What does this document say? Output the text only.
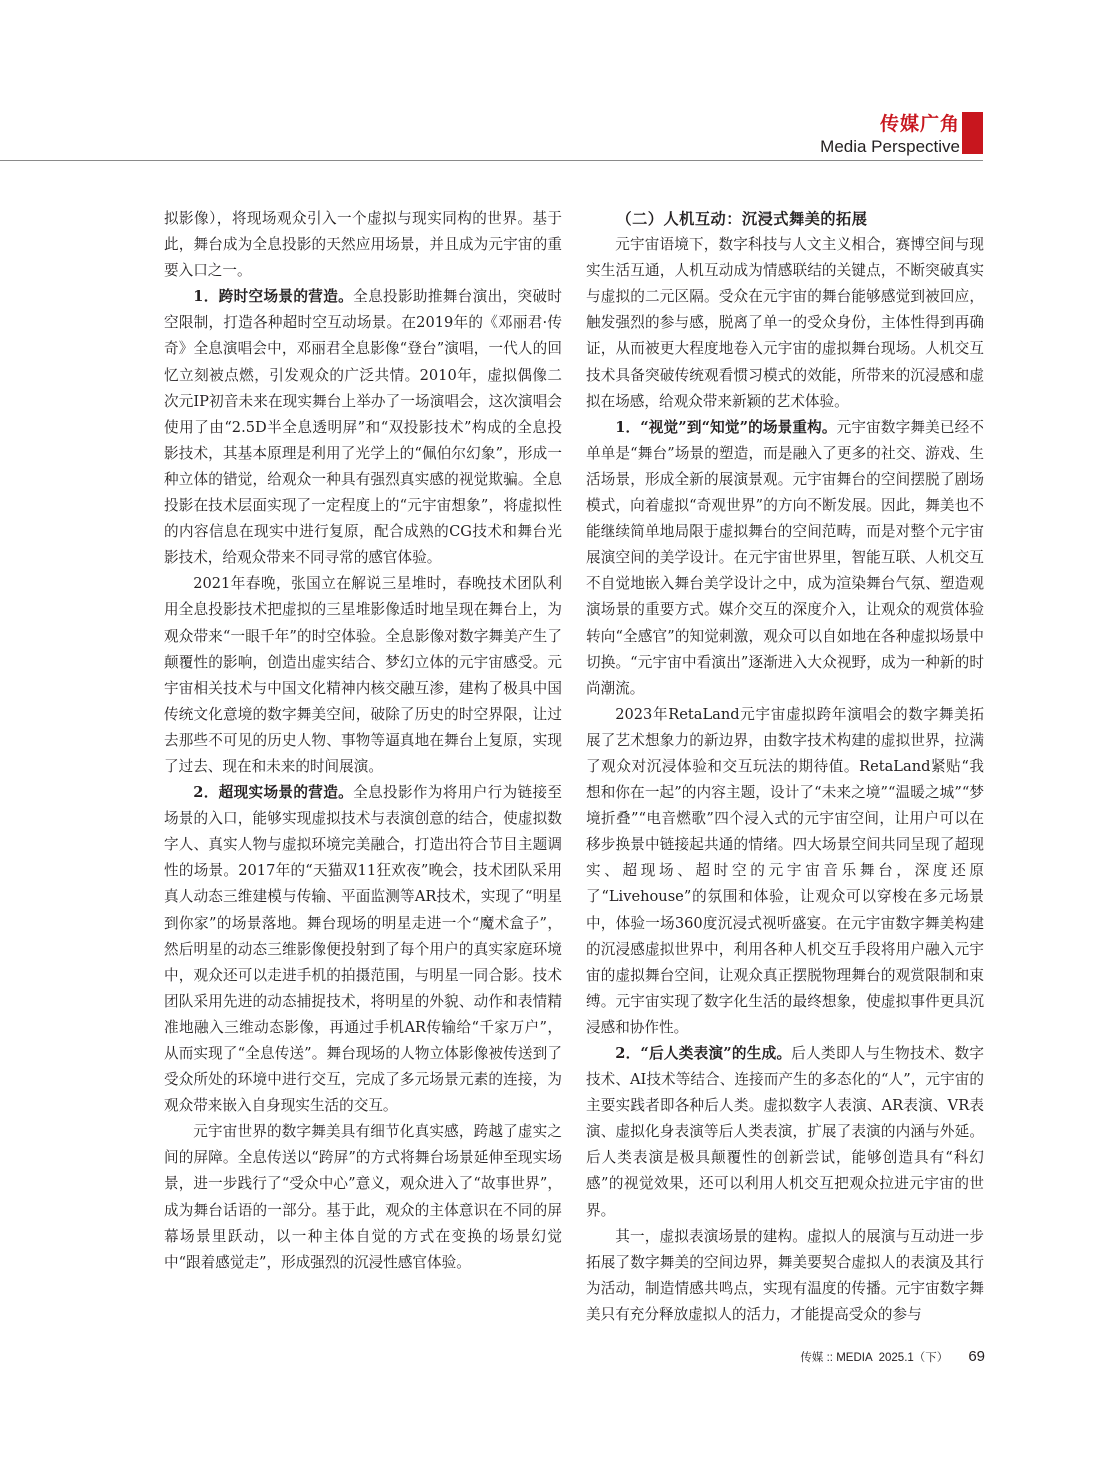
传媒广角
Media Perspective

拟影像），将现场观众引入一个虚拟与现实同构的世界。基于此，舞台成为全息投影的天然应用场景，并且成为元宇宙的重要入口之一。

1．跨时空场景的营造。全息投影助推舞台演出，突破时空限制，打造各种超时空互动场景。在2019年的《邓丽君·传奇》全息演唱会中，邓丽君全息影像“登台”演唱，一代人的回忆立刻被点燃，引发观众的广泛共情。2010年，虚拟偶像二次元IP初音未来在现实舞台上举办了一场演唱会，这次演唱会使用了由“2.5D半全息透明屏”和“双投影技术”构成的全息投影技术，其基本原理是利用了光学上的“佩伯尔幻象”，形成一种立体的错觉，给观众一种具有强烈真实感的视觉欺骗。全息投影在技术层面实现了一定程度上的“元宇宙想象”，将虚拟性的内容信息在现实中进行复原，配合成熟的CG技术和舞台光影技术，给观众带来不同寻常的感官体验。

2021年春晚，张国立在解说三星堆时，春晚技术团队利用全息投影技术把虚拟的三星堆影像适时地呈现在舞台上，为观众带来“一眼千年”的时空体验。全息影像对数字舞美产生了颠覆性的影响，创造出虚实结合、梦幻立体的元宇宙感受。元宇宙相关技术与中国文化精神内核交融互渗，建构了极具中国传统文化意境的数字舞美空间，破除了历史的时空界限，让过去那些不可见的历史人物、事物等逼真地在舞台上复原，实现了过去、现在和未来的时间展演。

2．超现实场景的营造。全息投影作为将用户行为链接至场景的入口，能够实现虚拟技术与表演创意的结合，使虚拟数字人、真实人物与虚拟环境完美融合，打造出符合节目主题调性的场景。2017年的“天猫双11狂欢夜”晚会，技术团队采用真人动态三维建模与传输、平面监测等AR技术，实现了“明星到你家”的场景落地。舞台现场的明星走进一个“魔术盒子”，然后明星的动态三维影像便投射到了每个用户的真实家庭环境中，观众还可以走进手机的拍摄范围，与明星一同合影。技术团队采用先进的动态捕捉技术，将明星的外貌、动作和表情精准地融入三维动态影像，再通过手机AR传输给“千家万户”，从而实现了“全息传送”。舞台现场的人物立体影像被传送到了受众所处的环境中进行交互，完成了多元场景元素的连接，为观众带来嵌入自身现实生活的交互。

元宇宙世界的数字舞美具有细节化真实感，跨越了虚实之间的屏障。全息传送以“跨屏”的方式将舞台场景延伸至现实场景，进一步践行了“受众中心”意义，观众进入了“故事世界”，成为舞台话语的一部分。基于此，观众的主体意识在不同的屏幕场景里跃动，以一种主体自觉的方式在变换的场景幻觉中“跟着感觉走”，形成强烈的沉浸性感官体验。

（二）人机互动：沉浸式舞美的拓展

元宇宙语境下，数字科技与人文主义相合，赛博空间与现实生活互通，人机互动成为情感联结的关键点，不断突破真实与虚拟的二元区隔。受众在元宇宙的舞台能够感觉到被回应，触发强烈的参与感，脱离了单一的受众身份，主体性得到再确证，从而被更大程度地卷入元宇宙的虚拟舞台现场。人机交互技术具备突破传统观看惯习模式的效能，所带来的沉浸感和虚拟在场感，给观众带来新颖的艺术体验。

1．“视觉”到“知觉”的场景重构。元宇宙数字舞美已经不单单是“舞台”场景的塑造，而是融入了更多的社交、游戏、生活场景，形成全新的展演景观。元宇宙舞台的空间摆脱了剧场模式，向着虚拟“奇观世界”的方向不断发展。因此，舞美也不能继续简单地局限于虚拟舞台的空间范畴，而是对整个元宇宙展演空间的美学设计。在元宇宙世界里，智能互联、人机交互不自觉地嵌入舞台美学设计之中，成为渲染舞台气氛、塑造观演场景的重要方式。媒介交互的深度介入，让观众的观赏体验转向“全感官”的知觉刺激，观众可以自如地在各种虚拟场景中切换。“元宇宙中看演出”逐渐进入大众视野，成为一种新的时尚潮流。

2023年RetaLand元宇宙虚拟跨年演唱会的数字舞美拓展了艺术想象力的新边界，由数字技术构建的虚拟世界，拉满了观众对沉浸体验和交互玩法的期待值。RetaLand紧贴“我想和你在一起”的内容主题，设计了“未来之境”“温暖之城”“梦境折叠”“电音燃歌”四个浸入式的元宇宙空间，让用户可以在移步换景中链接起共通的情绪。四大场景空间共同呈现了超现实、超现场、超时空的元宇宙音乐舞台，深度还原了“Livehouse”的氛围和体验，让观众可以穿梭在多元场景中，体验一场360度沉浸式视听盛宴。在元宇宙数字舞美构建的沉浸感虚拟世界中，利用各种人机交互手段将用户融入元宇宙的虚拟舞台空间，让观众真正摆脱物理舞台的观赏限制和束缚。元宇宙实现了数字化生活的最终想象，使虚拟事件更具沉浸感和协作性。

2．“后人类表演”的生成。后人类即人与生物技术、数字技术、AI技术等结合、连接而产生的多态化的“人”，元宇宙的主要实践者即各种后人类。虚拟数字人表演、AR表演、VR表演、虚拟化身表演等后人类表演，扩展了表演的内涵与外延。后人类表演是极具颠覆性的创新尝试，能够创造具有“科幻感”的视觉效果，还可以利用人机交互把观众拉进元宇宙的世界。

其一，虚拟表演场景的建构。虚拟人的展演与互动进一步拓展了数字舞美的空间边界，舞美要契合虚拟人的表演及其行为活动，制造情感共鸣点，实现有温度的传播。元宇宙数字舞美只有充分释放虚拟人的活力，才能提高受众的参与

传媒 :: MEDIA 2025.1（下） 69
